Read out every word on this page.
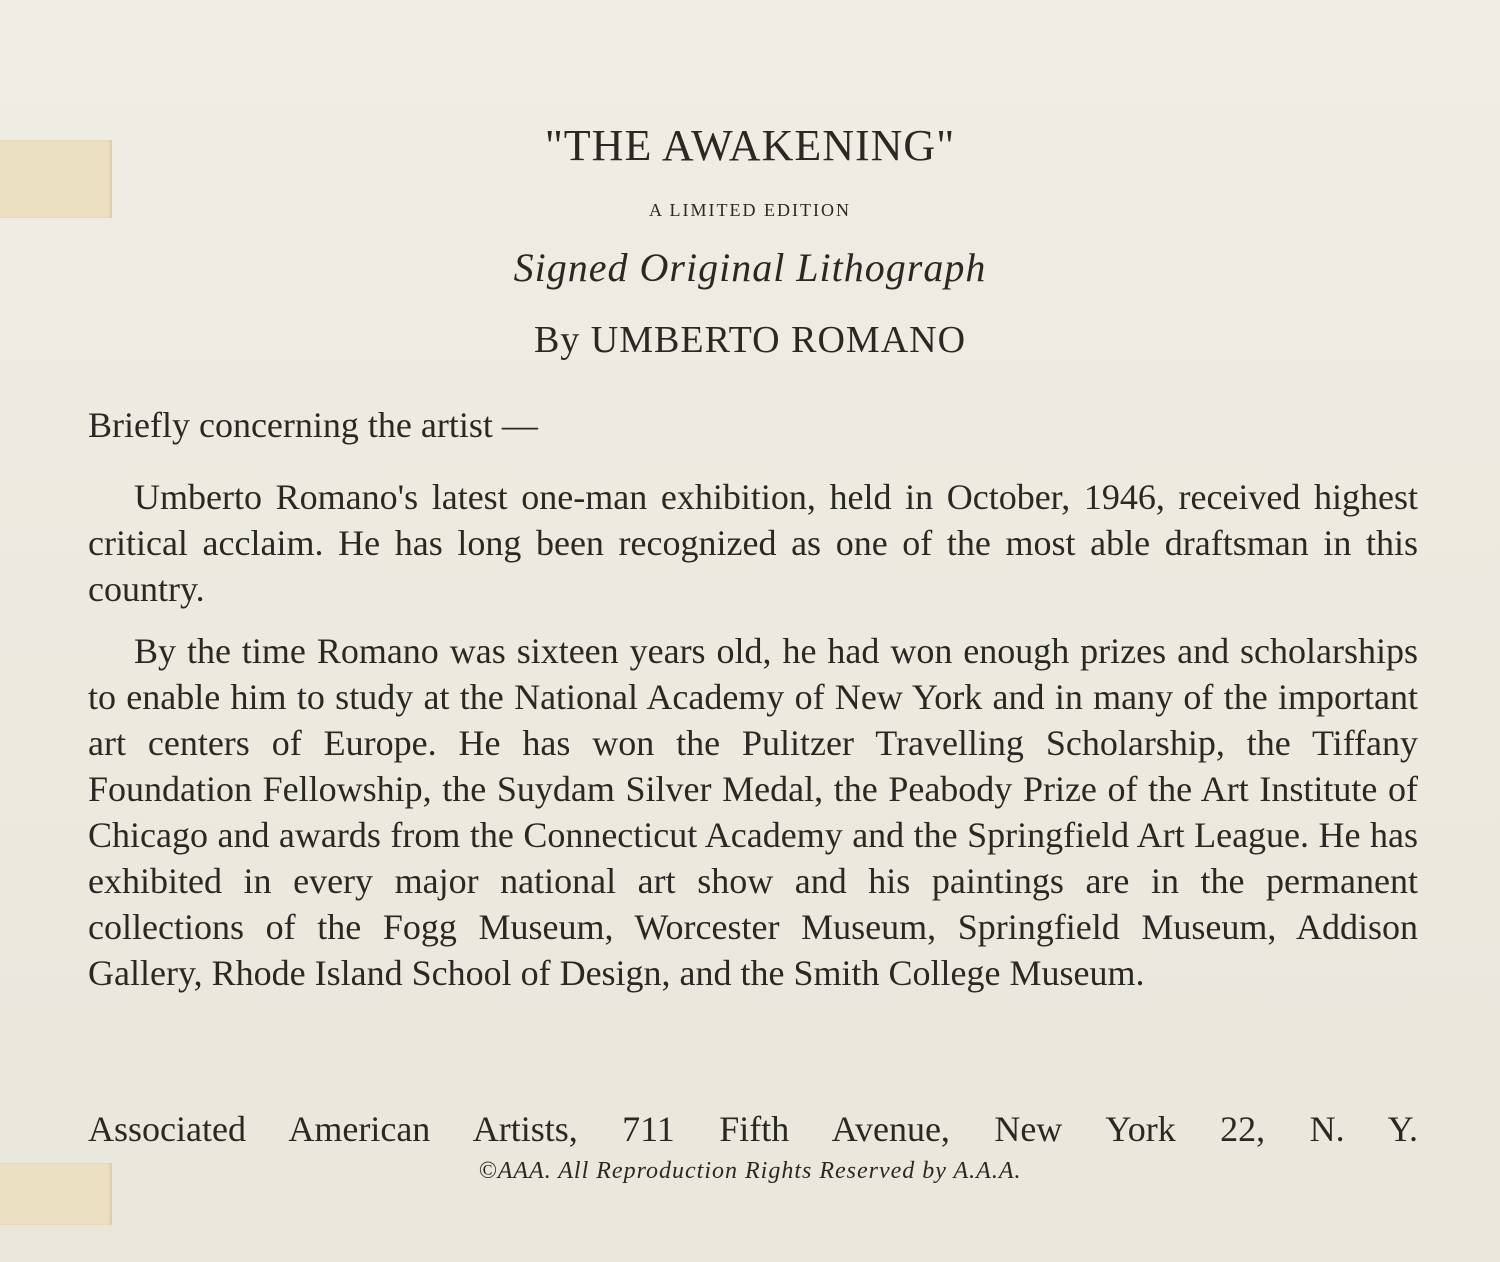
"THE AWAKENING"
A LIMITED EDITION
Signed Original Lithograph
By UMBERTO ROMANO
Briefly concerning the artist —

Umberto Romano's latest one-man exhibition, held in October, 1946, received highest critical acclaim. He has long been recognized as one of the most able draftsman in this country.

By the time Romano was sixteen years old, he had won enough prizes and scholarships to enable him to study at the National Academy of New York and in many of the important art centers of Europe. He has won the Pulitzer Travelling Scholarship, the Tiffany Foundation Fellowship, the Suydam Silver Medal, the Peabody Prize of the Art Institute of Chicago and awards from the Connecticut Academy and the Springfield Art League. He has exhibited in every major national art show and his paintings are in the permanent collections of the Fogg Museum, Worcester Museum, Springfield Museum, Addison Gallery, Rhode Island School of Design, and the Smith College Museum.

Associated American Artists, 711 Fifth Avenue, New York 22, N. Y.
©AAA. All Reproduction Rights Reserved by A.A.A.
